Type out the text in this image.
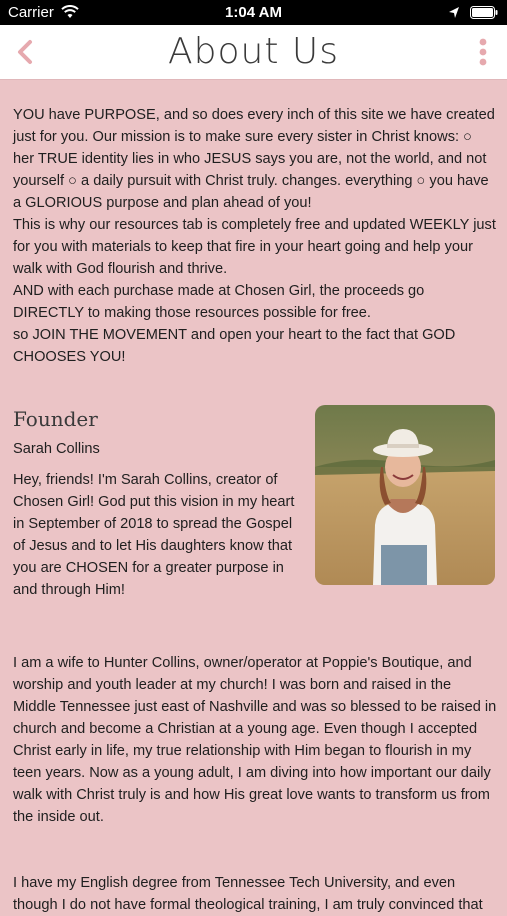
Carrier	1:04 AM
About Us
YOU have PURPOSE, and so does every inch of this site we have created just for you. Our mission is to make sure every sister in Christ knows: ○ her TRUE identity lies in who JESUS says you are, not the world, and not yourself ○ a daily pursuit with Christ truly. changes. everything ○ you have a GLORIOUS purpose and plan ahead of you!
This is why our resources tab is completely free and updated WEEKLY just for you with materials to keep that fire in your heart going and help your walk with God flourish and thrive.
AND with each purchase made at Chosen Girl, the proceeds go DIRECTLY to making those resources possible for free.
so JOIN THE MOVEMENT and open your heart to the fact that GOD CHOOSES YOU!
Founder
Sarah Collins
Hey, friends! I'm Sarah Collins, creator of Chosen Girl! God put this vision in my heart in September of 2018 to spread the Gospel of Jesus and to let His daughters know that you are CHOSEN for a greater purpose in and through Him!
I am a wife to Hunter Collins, owner/operator at Poppie's Boutique, and worship and youth leader at my church! I was born and raised in the Middle Tennessee just east of Nashville and was so blessed to be raised in church and become a Christian at a young age. Even though I accepted Christ early in life, my true relationship with Him began to flourish in my teen years. Now as a young adult, I am diving into how important our daily walk with Christ truly is and how His great love wants to transform us from the inside out.
I have my English degree from Tennessee Tech University, and even though I do not have formal theological training, I am truly convinced that
